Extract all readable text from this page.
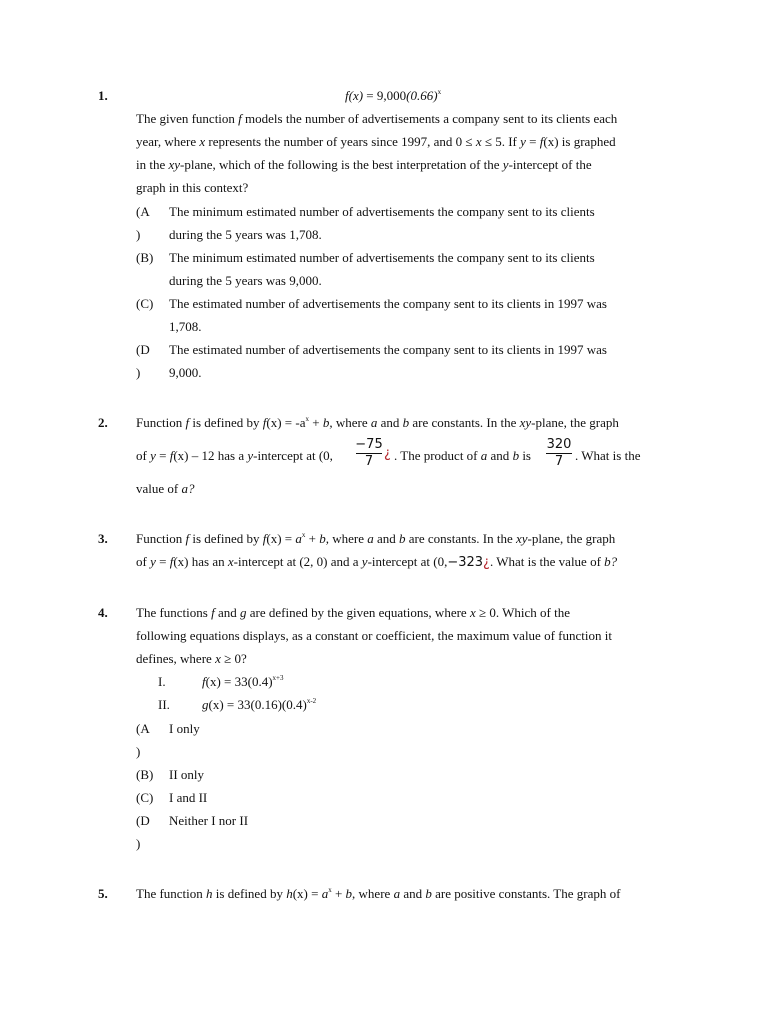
1.	$f(x) = 9,000(0.66)^x$
The given function f models the number of advertisements a company sent to its clients each
year, where x represents the number of years since 1997, and 0 ≤ x ≤ 5. If y = f(x) is graphed
in the xy-plane, which of the following is the best interpretation of the y-intercept of the
graph in this context?
(A
)
The minimum estimated number of advertisements the company sent to its clients
during the 5 years was 1,708.
(B) The minimum estimated number of advertisements the company sent to its clients
during the 5 years was 9,000.
(C) The estimated number of advertisements the company sent to its clients in 1997 was
1,708.
(D
)
The estimated number of advertisements the company sent to its clients in 1997 was
9,000.
2. Function f is defined by $f(x) = -a^x + b$, where a and b are constants. In the xy-plane, the graph
of y = f(x) – 12 has a y-intercept at (0,
−75
7
¿ . The product of a and b is
320
7 . What is the
value of a?
3. Function f is defined by $f(x) = a^x + b$, where a and b are constants. In the xy-plane, the graph
of y = f(x) has an x-intercept at (2, 0) and a y-intercept at (0,−323¿. What is the value of b?
4. The functions f and g are defined by the given equations, where x ≥ 0. Which of the
following equations displays, as a constant or coefficient, the maximum value of function it
defines, where x ≥ 0?
I.	$f(x) = 33(0.4)^{x+3}$
II. $g(x) = 33(0.16)(0.4)^{x-2}$
(A
)
I only
(B) II only
(C) I and II
(D
)
Neither I nor II
5. The function h is defined by $h(x) = a^x + b$, where a and b are positive constants. The graph of
